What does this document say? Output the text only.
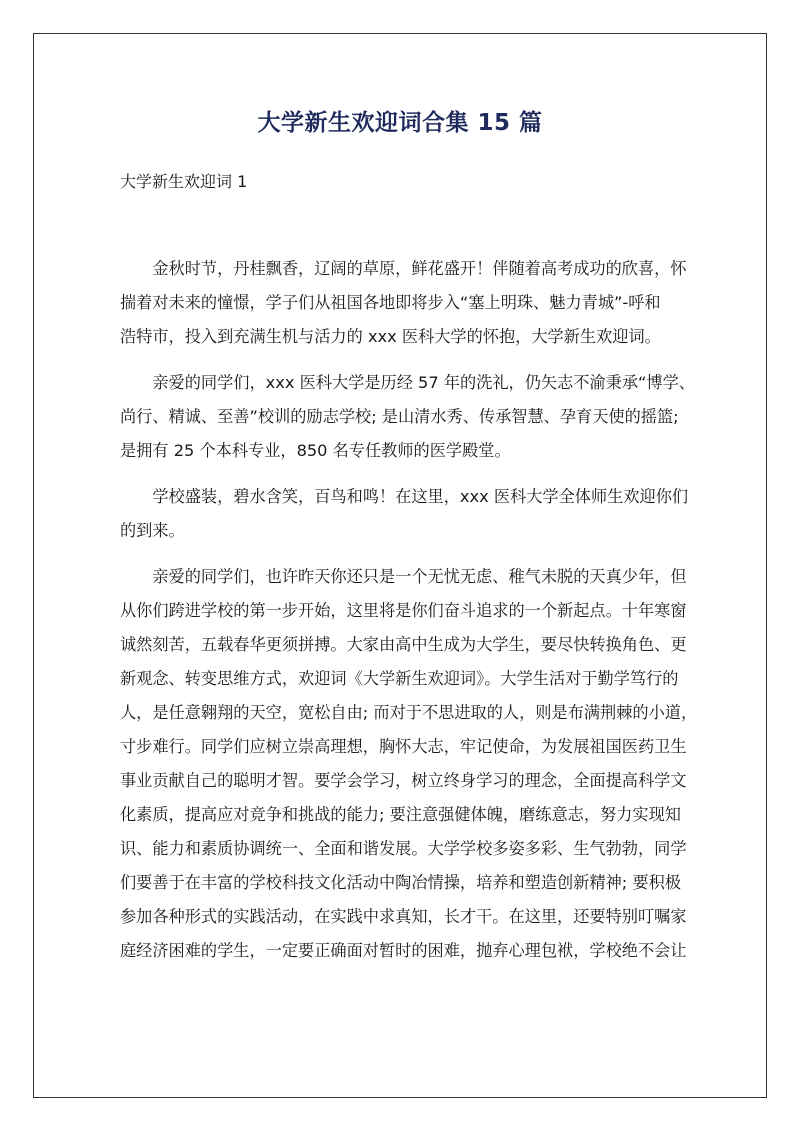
大学新生欢迎词合集 15 篇
大学新生欢迎词 1
　　金秋时节，丹桂飘香，辽阔的草原，鲜花盛开！伴随着高考成功的欣喜，怀
揣着对未来的憧憬，学子们从祖国各地即将步入“塞上明珠、魅力青城”-呼和
浩特市，投入到充满生机与活力的 xxx 医科大学的怀抱，大学新生欢迎词。
　　亲爱的同学们，xxx 医科大学是历经 57 年的洗礼，仍矢志不渝秉承“博学、
尚行、精诚、至善”校训的励志学校; 是山清水秀、传承智慧、孕育天使的摇篮;
是拥有 25 个本科专业，850 名专任教师的医学殿堂。
　　学校盛装，碧水含笑，百鸟和鸣！在这里，xxx 医科大学全体师生欢迎你们
的到来。
　　亲爱的同学们，也许昨天你还只是一个无忧无虑、稚气未脱的天真少年，但
从你们跨进学校的第一步开始，这里将是你们奋斗追求的一个新起点。十年寒窗
诚然刻苦，五载春华更须拼搏。大家由高中生成为大学生，要尽快转换角色、更
新观念、转变思维方式，欢迎词《大学新生欢迎词》。大学生活对于勤学笃行的
人，是任意翱翔的天空，宽松自由; 而对于不思进取的人，则是布满荆棘的小道，
寸步难行。同学们应树立崇高理想，胸怀大志，牢记使命，为发展祖国医药卫生
事业贡献自己的聪明才智。要学会学习，树立终身学习的理念，全面提高科学文
化素质，提高应对竞争和挑战的能力; 要注意强健体魄，磨练意志，努力实现知
识、能力和素质协调统一、全面和谐发展。大学学校多姿多彩、生气勃勃，同学
们要善于在丰富的学校科技文化活动中陶冶情操，培养和塑造创新精神; 要积极
参加各种形式的实践活动，在实践中求真知，长才干。在这里，还要特别叮嘱家
庭经济困难的学生，一定要正确面对暂时的困难，抛弃心理包袱，学校绝不会让
